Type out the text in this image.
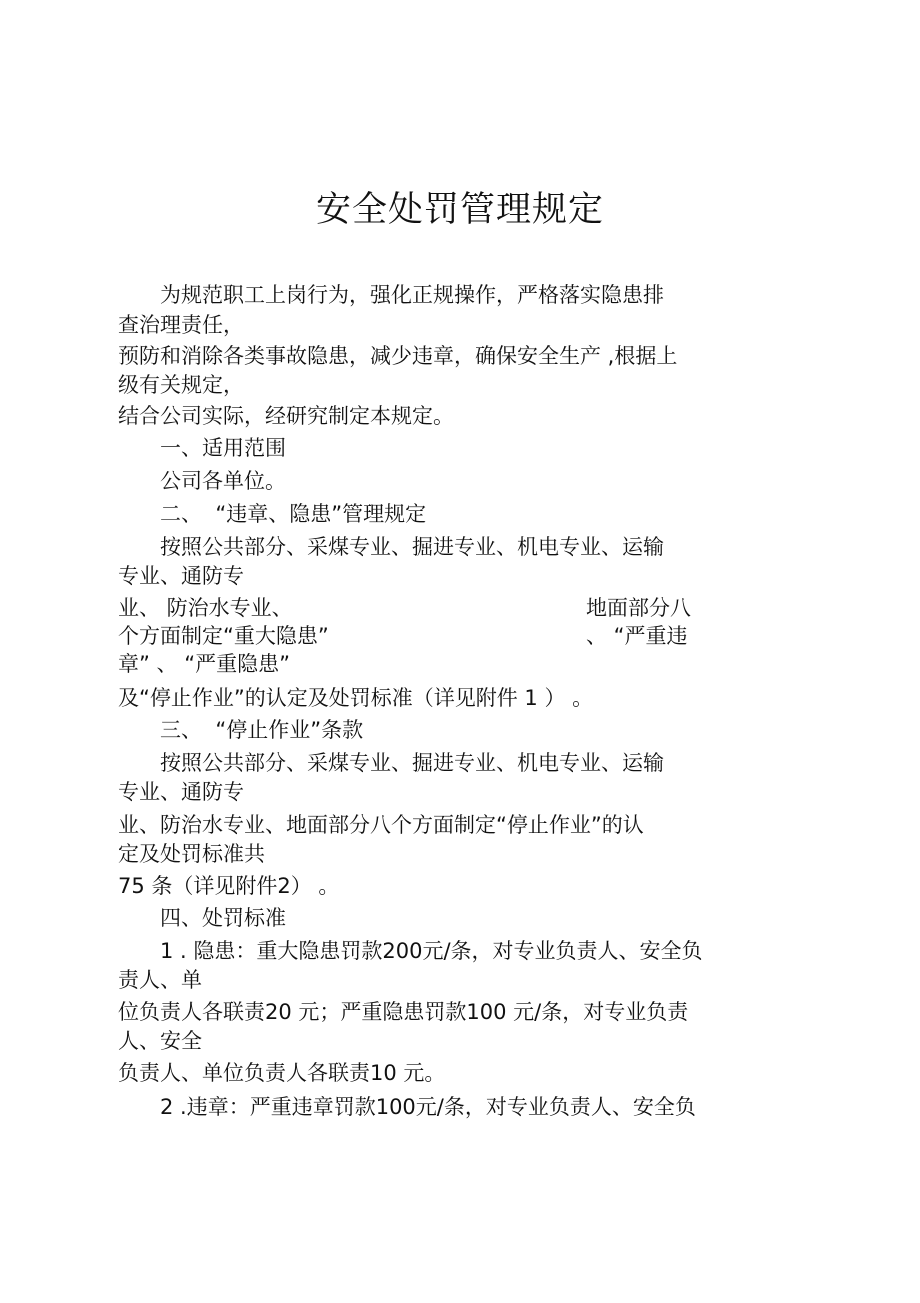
安全处罚管理规定
为规范职工上岗行为，强化正规操作，严格落实隐患排
查治理责任，
预防和消除各类事故隐患，减少违章，确保安全生产 ,根据上
级有关规定，
结合公司实际，经研究制定本规定。
一、适用范围
公司各单位。
二、  “违章、隐患”管理规定
按照公共部分、采煤专业、掘进专业、机电专业、运输
专业、通防专
业、 防治水专业、	地面部分八
个方面制定“重大隐患”	、 “严重违
章” 、 “严重隐患”
及“停止作业”的认定及处罚标准（详见附件 1 ） 。
三、  “停止作业”条款
按照公共部分、采煤专业、掘进专业、机电专业、运输
专业、通防专
业、防治水专业、地面部分八个方面制定“停止作业”的认
定及处罚标准共
75 条（详见附件2） 。
四、处罚标准
1 . 隐患：重大隐患罚款200元/条，对专业负责人、安全负
责人、单
位负责人各联责20 元；严重隐患罚款100 元/条，对专业负责
人、安全
负责人、单位负责人各联责10 元。
2 .违章：严重违章罚款100元/条，对专业负责人、安全负
